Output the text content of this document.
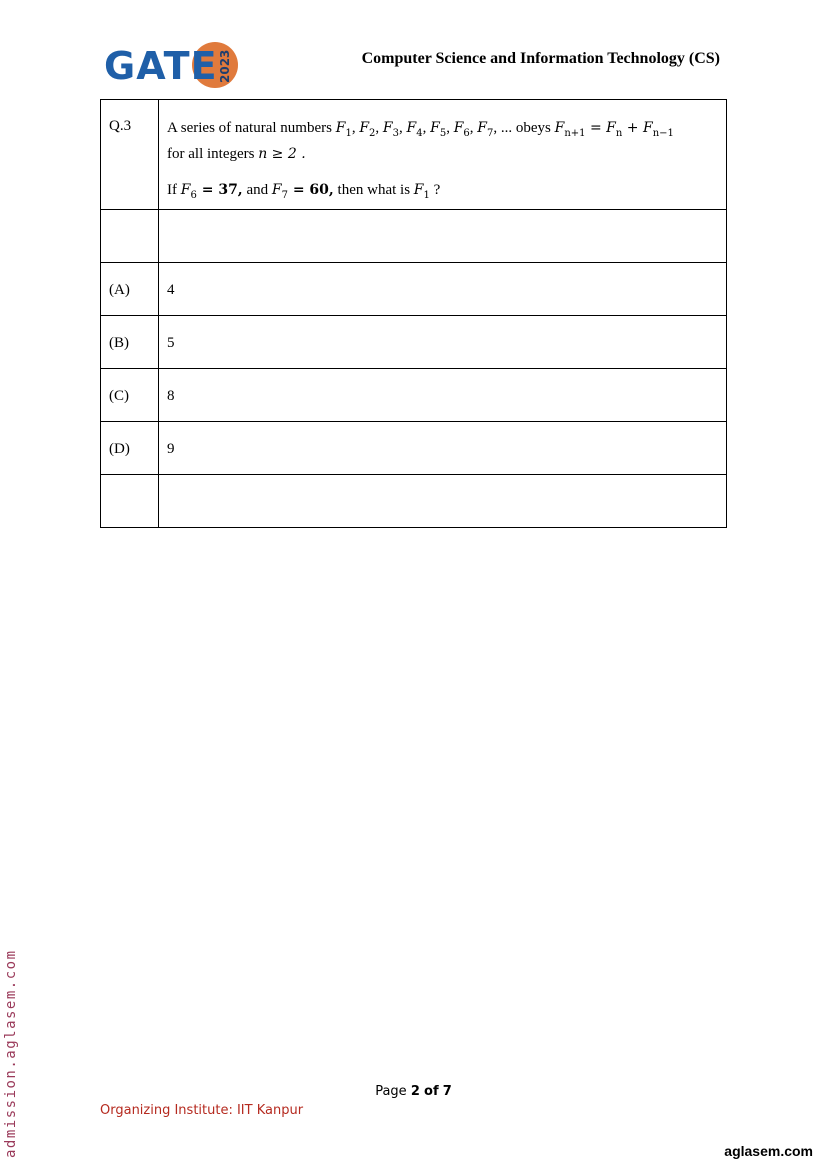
GATE 2023	Computer Science and Information Technology (CS)
Q.3	A series of natural numbers $F_1$, $F_2$, $F_3$, $F_4$, $F_5$, $F_6$, $F_7$, ... obeys $F_{n+1} = F_n + F_{n-1}$
for all integers n ≥ 2 .
If $F_6 = 37$, and $F_7 = 60$, then what is $F_1$ ?

(A)	4
(B)	5
(C)	8
(D)	9

admission.aglasem.com	Page 2 of 7
Organizing Institute: IIT Kanpur
aglasem.com
